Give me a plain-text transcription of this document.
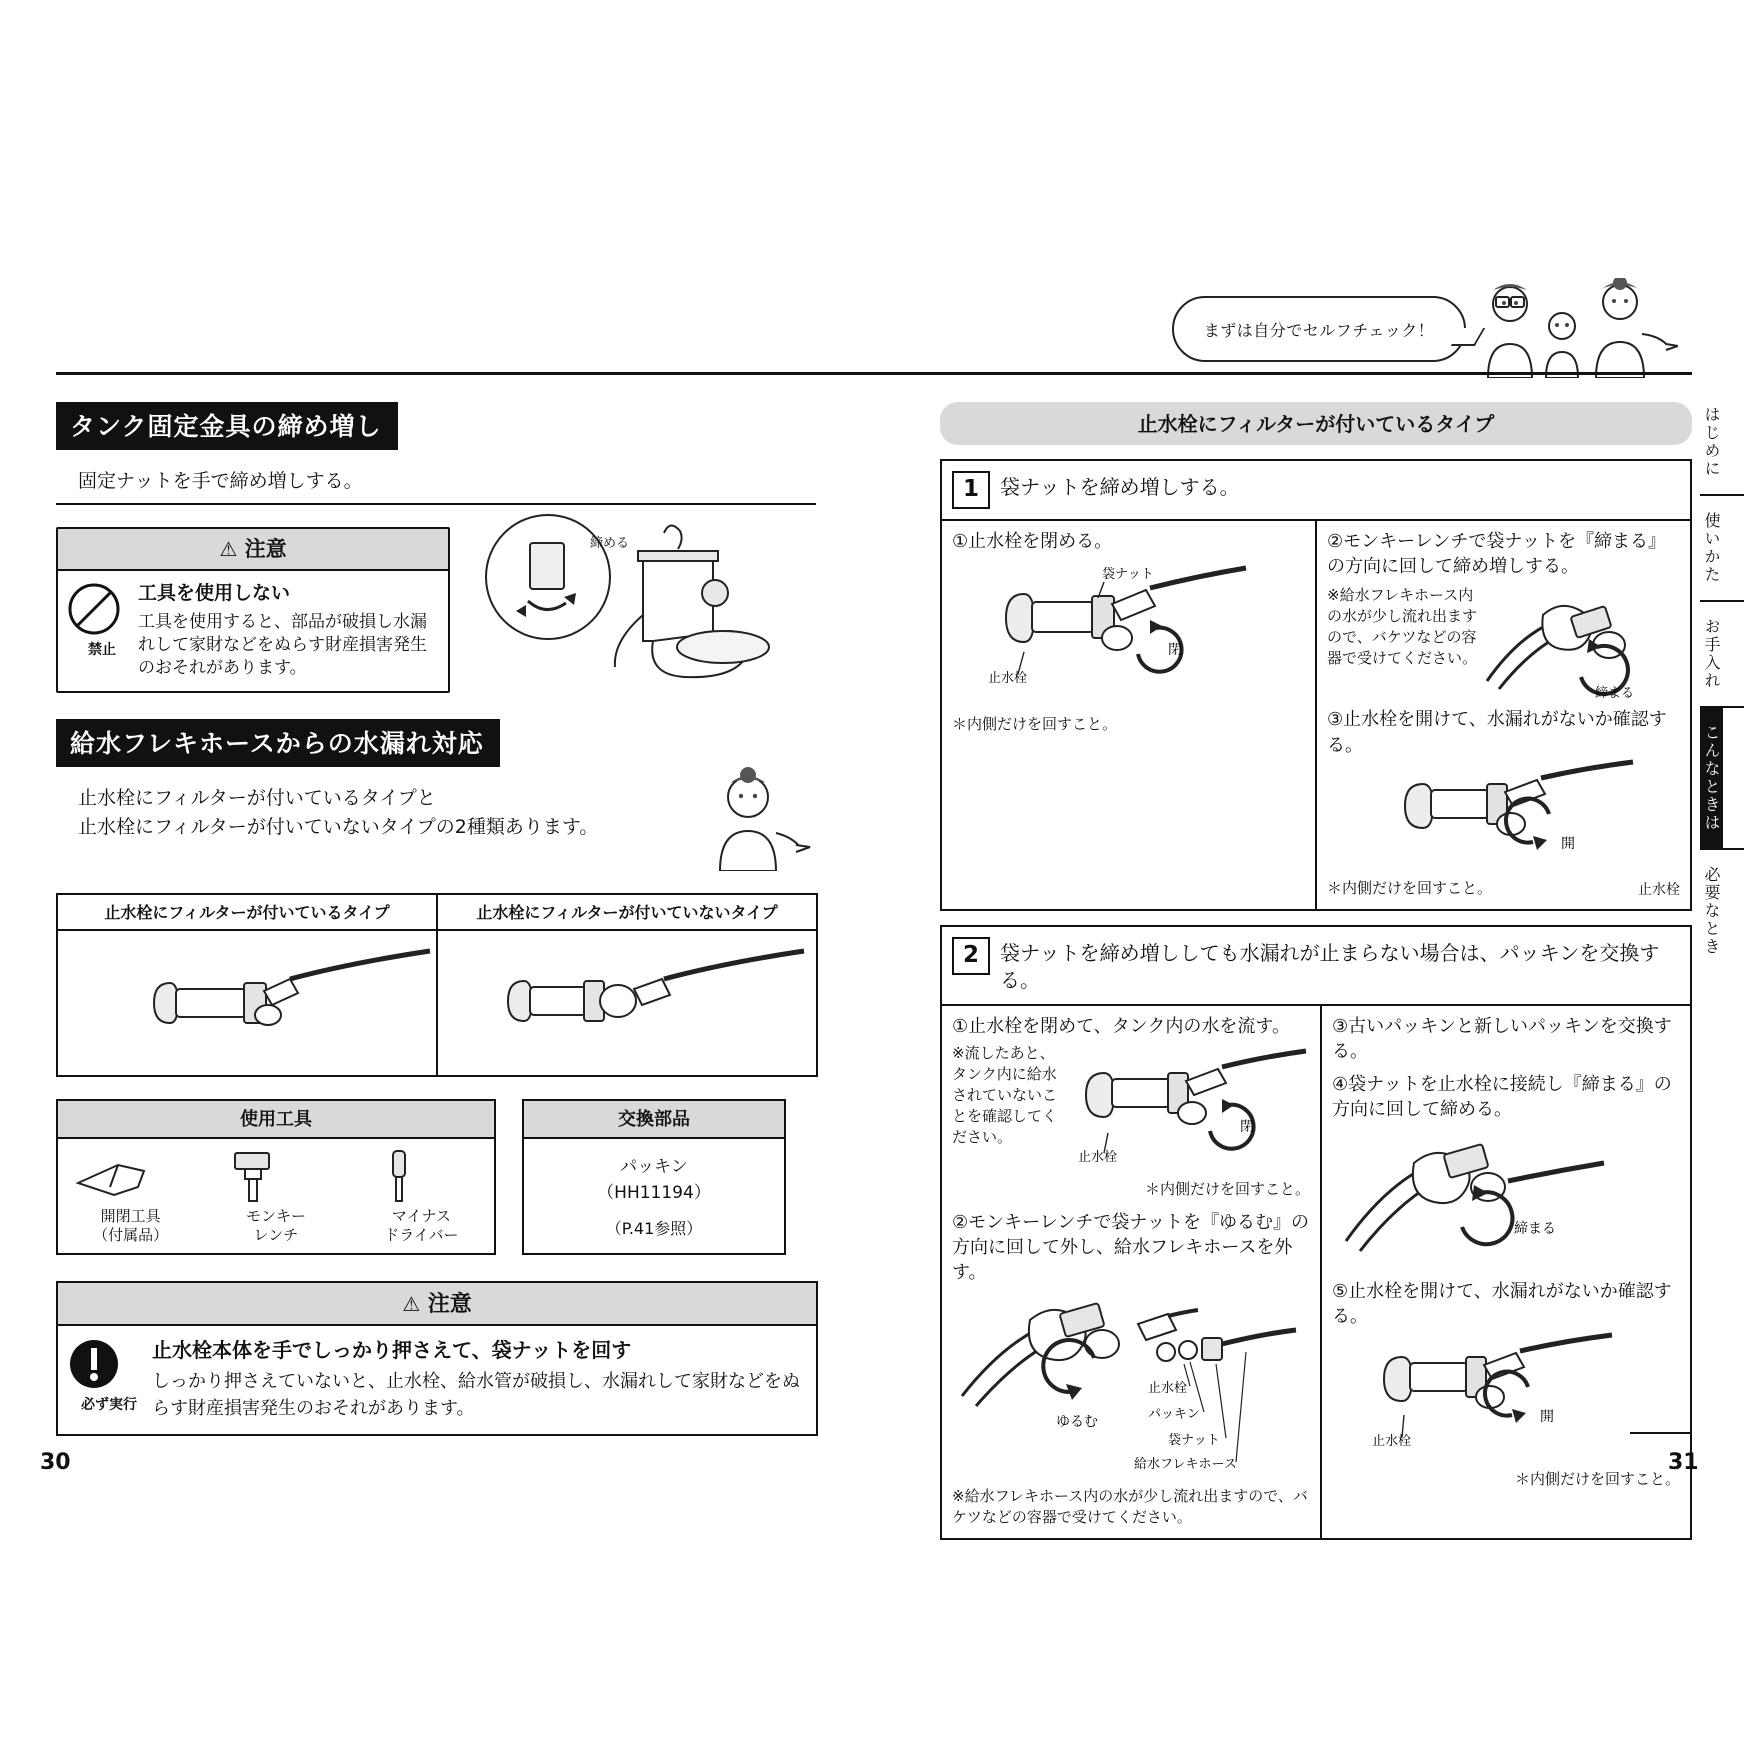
まずは自分でセルフチェック！
タンク固定金具の締め増し
固定ナットを手で締め増しする。
⚠ 注意
禁止
工具を使用しない
工具を使用すると、部品が破損し水漏れして家財などをぬらす財産損害発生のおそれがあります。
締める
給水フレキホースからの水漏れ対応
止水栓にフィルターが付いているタイプと
止水栓にフィルターが付いていないタイプの2種類あります。
止水栓にフィルターが付いているタイプ	止水栓にフィルターが付いていないタイプ
使用工具
開閉工具
（付属品）
モンキー
レンチ
マイナス
ドライバー
交換部品
パッキン
（HH11194）
（P.41参照）
⚠ 注意
必ず実行
止水栓本体を手でしっかり押さえて、袋ナットを回す
しっかり押さえていないと、止水栓、給水管が破損し、水漏れして家財などをぬらす財産損害発生のおそれがあります。
止水栓にフィルターが付いているタイプ
1	袋ナットを締め増しする。
①止水栓を閉める。
袋ナット
閉
止水栓
＊内側だけを回すこと。
②モンキーレンチで袋ナットを『締まる』の方向に回して締め増しする。
※給水フレキホース内の水が少し流れ出ますので、バケツなどの容器で受けてください。
締まる
③止水栓を開けて、水漏れがないか確認する。
開
＊内側だけを回すこと。	止水栓
2	袋ナットを締め増ししても水漏れが止まらない場合は、パッキンを交換する。
①止水栓を閉めて、タンク内の水を流す。
※流したあと、タンク内に給水されていないことを確認してください。
閉
止水栓
＊内側だけを回すこと。
②モンキーレンチで袋ナットを『ゆるむ』の方向に回して外し、給水フレキホースを外す。
ゆるむ
止水栓
パッキン
袋ナット
給水フレキホース
※給水フレキホース内の水が少し流れ出ますので、バケツなどの容器で受けてください。
③古いパッキンと新しいパッキンを交換する。
④袋ナットを止水栓に接続し『締まる』の方向に回して締める。
締まる
⑤止水栓を開けて、水漏れがないか確認する。
開
止水栓
＊内側だけを回すこと。
はじめに
使いかた
お手入れ
こんなときは
必要なとき
30	31
